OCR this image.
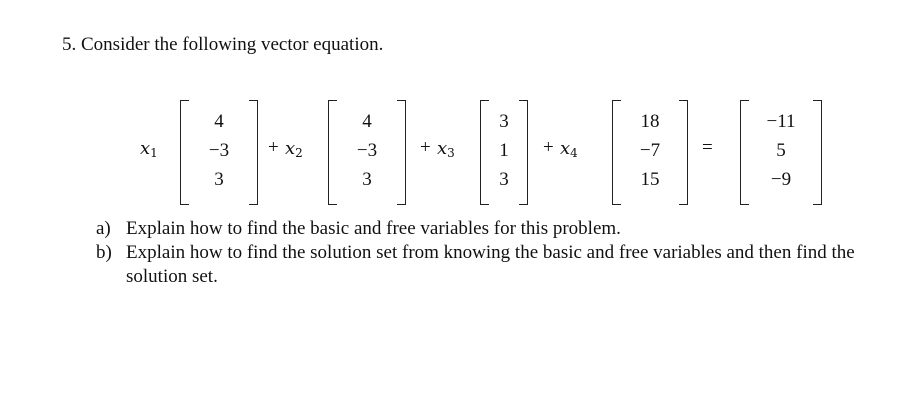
5. Consider the following vector equation.
$x_1$
4
−3
3
+ $x_2$
4
−3
3
+ $x_3$
3
1
3
+ $x_4$
18
−7
15
=
−11
5
−9
a) Explain how to find the basic and free variables for this problem.
b) Explain how to find the solution set from knowing the basic and free variables and then find the solution set.
